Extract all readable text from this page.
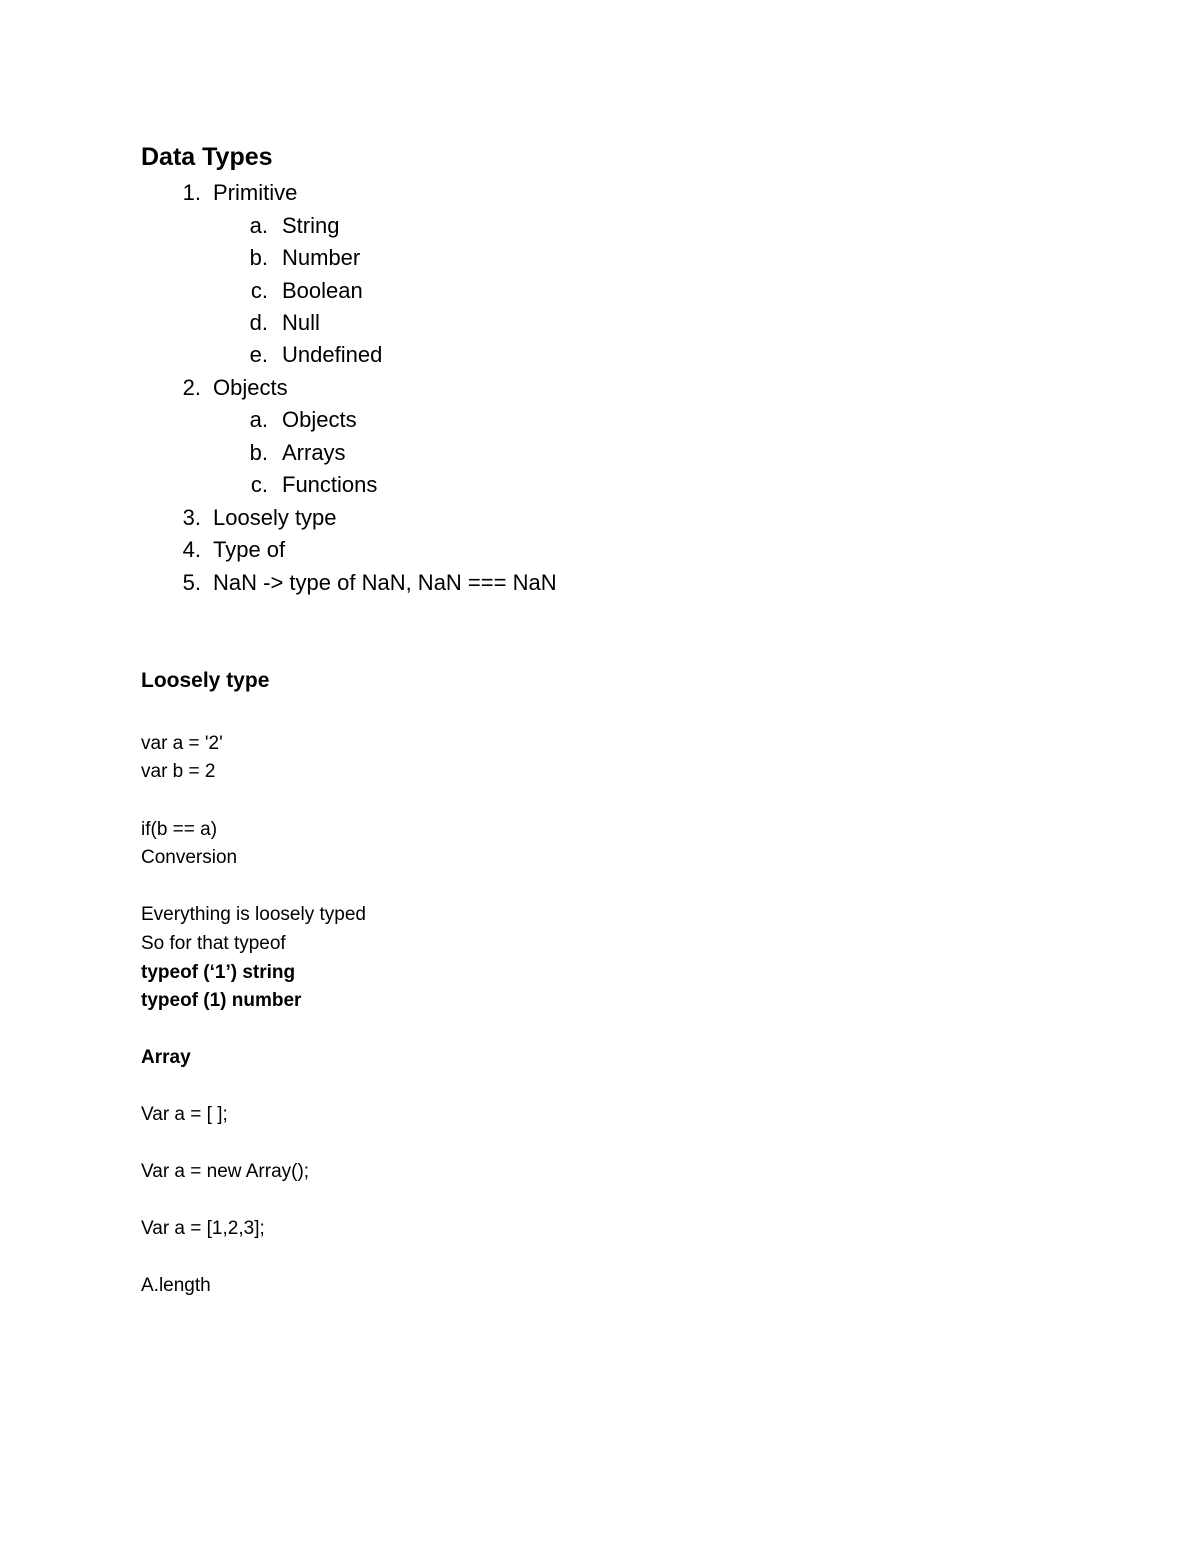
Data Types
1. Primitive
a. String
b. Number
c. Boolean
d. Null
e. Undefined
2. Objects
a. Objects
b. Arrays
c. Functions
3. Loosely type
4. Type of
5. NaN -> type of NaN, NaN === NaN
Loosely type
var a = '2'
var b = 2
if(b == a)
Conversion
Everything is loosely typed
So for that typeof
typeof (‘1’) string
typeof (1) number
Array
Var a = [ ];
Var a = new Array();
Var a = [1,2,3];
A.length
